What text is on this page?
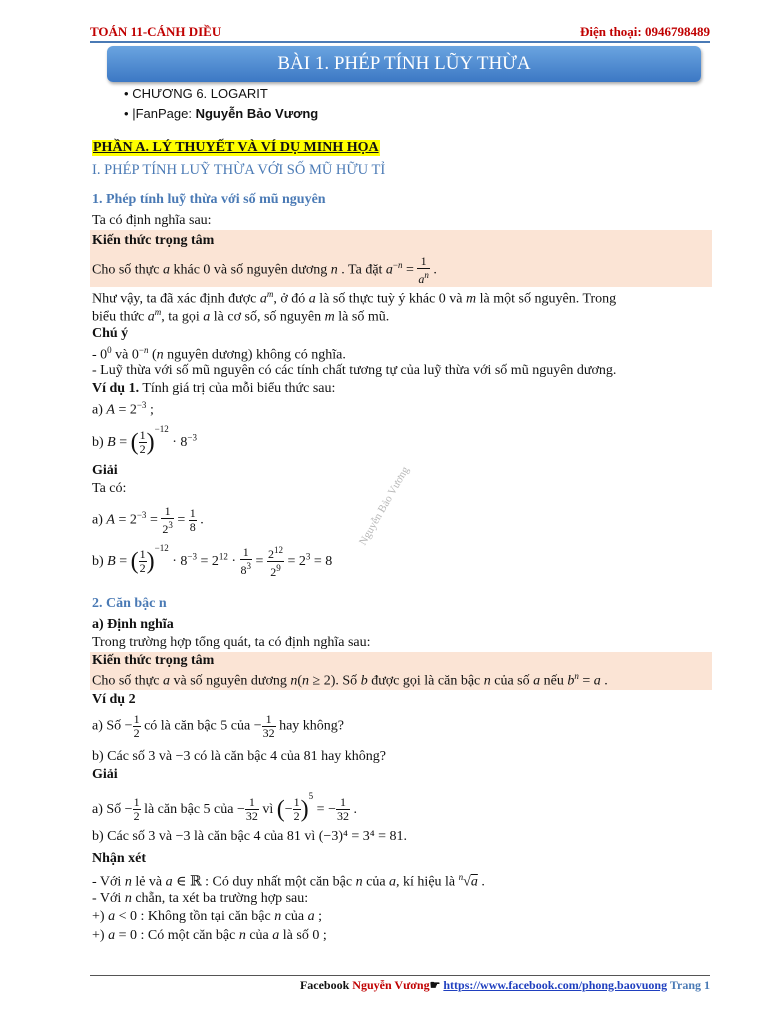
TOÁN 11-CÁNH DIỀU	Điện thoại: 0946798489
BÀI 1. PHÉP TÍNH LŨY THỪA
• CHƯƠNG 6. LOGARIT
• |FanPage: Nguyễn Bảo Vương
PHẦN A. LÝ THUYẾT VÀ VÍ DỤ MINH HỌA
I. PHÉP TÍNH LUỸ THỪA VỚI SỐ MŨ HỮU TỈ
1. Phép tính luỹ thừa với số mũ nguyên
Ta có định nghĩa sau:
Kiến thức trọng tâm
Cho số thực a khác 0 và số nguyên dương n . Ta đặt $a^{-n} = \frac{1}{a^n}$ .
Như vậy, ta đã xác định được $a^m$, ở đó a là số thực tuỳ ý khác 0 và m là một số nguyên. Trong
biểu thức $a^m$, ta gọi a là cơ số, số nguyên m là số mũ.
Chú ý
- $0^0$ và $0^{-n}$ (n nguyên dương) không có nghĩa.
- Luỹ thừa với số mũ nguyên có các tính chất tương tự của luỹ thừa với số mũ nguyên dương.
Ví dụ 1. Tính giá trị của mỗi biểu thức sau:
a) $A = 2^{-3}$ ;
b) B = ( $\frac{1}{2} )^{-12} \cdot 8^{-3}$
Giải
Ta có:
a) $A = 2^{-3} = \frac{1}{2^3} = \frac{1}{8}$ .
b) B = ( $\frac{1}{2} )^{-12} \cdot 8^{-3} = 2^{12} \cdot \frac{1}{8^3} = \frac{2^{12}}{2^9} = 2^3 = 8$
Nguyễn Bảo Vương
2. Căn bậc n
a) Định nghĩa
Trong trường hợp tổng quát, ta có định nghĩa sau:
Kiến thức trọng tâm
Cho số thực a và số nguyên dương n(n ≥ 2). Số b được gọi là căn bậc n của số a nếu $b^n = a$ .
Ví dụ 2
a) Số − $\frac{1}{2}$ có là căn bậc 5 của − $\frac{1}{32}$ hay không?
b) Các số 3 và −3 có là căn bậc 4 của 81 hay không?
Giải
a) Số − $\frac{1}{2}$ là căn bậc 5 của − $\frac{1}{32}$ vì (− $\frac{1}{2} )^5$ = − $\frac{1}{32}$ .
b) Các số 3 và −3 là căn bậc 4 của 81 vì (−3)⁴ = 3⁴ = 81.
Nhận xét
- Với n lẻ và a ∈ ℝ : Có duy nhất một căn bậc n của a, kí hiệu là $^n$√a .
- Với n chẵn, ta xét ba trường hợp sau:
+) a < 0 : Không tồn tại căn bậc n của a ;
+) a = 0 : Có một căn bậc n của a là số 0 ;
Facebook Nguyễn Vương☛ https://www.facebook.com/phong.baovuong Trang 1
